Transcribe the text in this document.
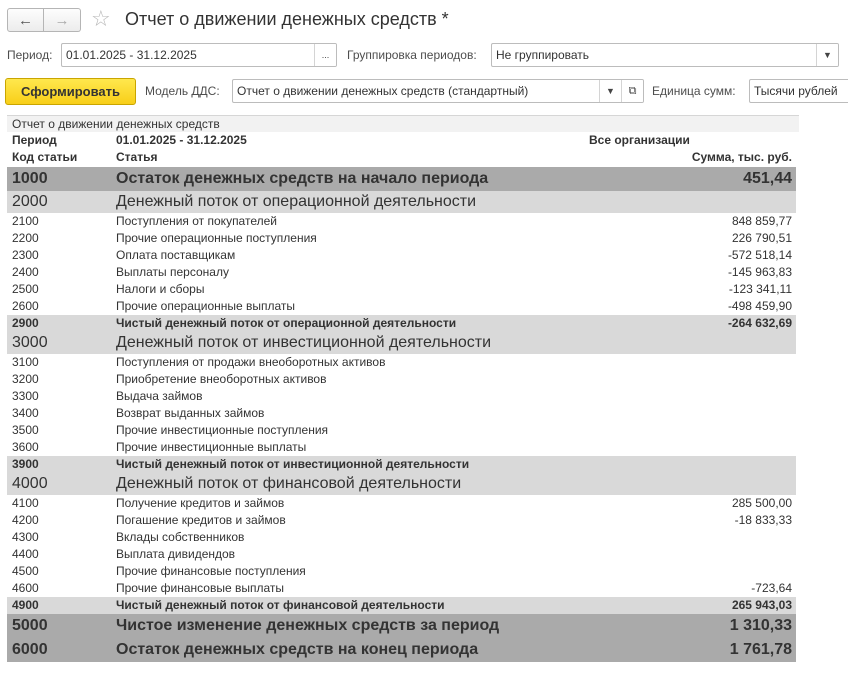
← → ☆ Отчет о движении денежных средств *
Период:	01.01.2025 - 31.12.2025	...	Группировка периодов:	Не группировать	▼
Сформировать	Модель ДДС:	Отчет о движении денежных средств (стандартный)	▼	⧉	Единица сумм:	Тысячи рублей
Отчет о движении денежных средств
Период	01.01.2025 - 31.12.2025	Все организации
Код статьи	Статья	Сумма, тыс. руб.
1000	Остаток денежных средств на начало периода	451,44
2000	Денежный поток от операционной деятельности
2100	Поступления от покупателей	848 859,77
2200	Прочие операционные поступления	226 790,51
2300	Оплата поставщикам	-572 518,14
2400	Выплаты персоналу	-145 963,83
2500	Налоги и сборы	-123 341,11
2600	Прочие операционные выплаты	-498 459,90
2900	Чистый денежный поток от операционной деятельности	-264 632,69
3000	Денежный поток от инвестиционной деятельности
3100	Поступления от продажи внеоборотных активов
3200	Приобретение внеоборотных активов
3300	Выдача займов
3400	Возврат выданных займов
3500	Прочие инвестиционные поступления
3600	Прочие инвестиционные выплаты
3900	Чистый денежный поток от инвестиционной деятельности
4000	Денежный поток от финансовой деятельности
4100	Получение кредитов и займов	285 500,00
4200	Погашение кредитов и займов	-18 833,33
4300	Вклады собственников
4400	Выплата дивидендов
4500	Прочие финансовые поступления
4600	Прочие финансовые выплаты	-723,64
4900	Чистый денежный поток от финансовой деятельности	265 943,03
5000	Чистое изменение денежных средств за период	1 310,33
6000	Остаток денежных средств на конец периода	1 761,78
